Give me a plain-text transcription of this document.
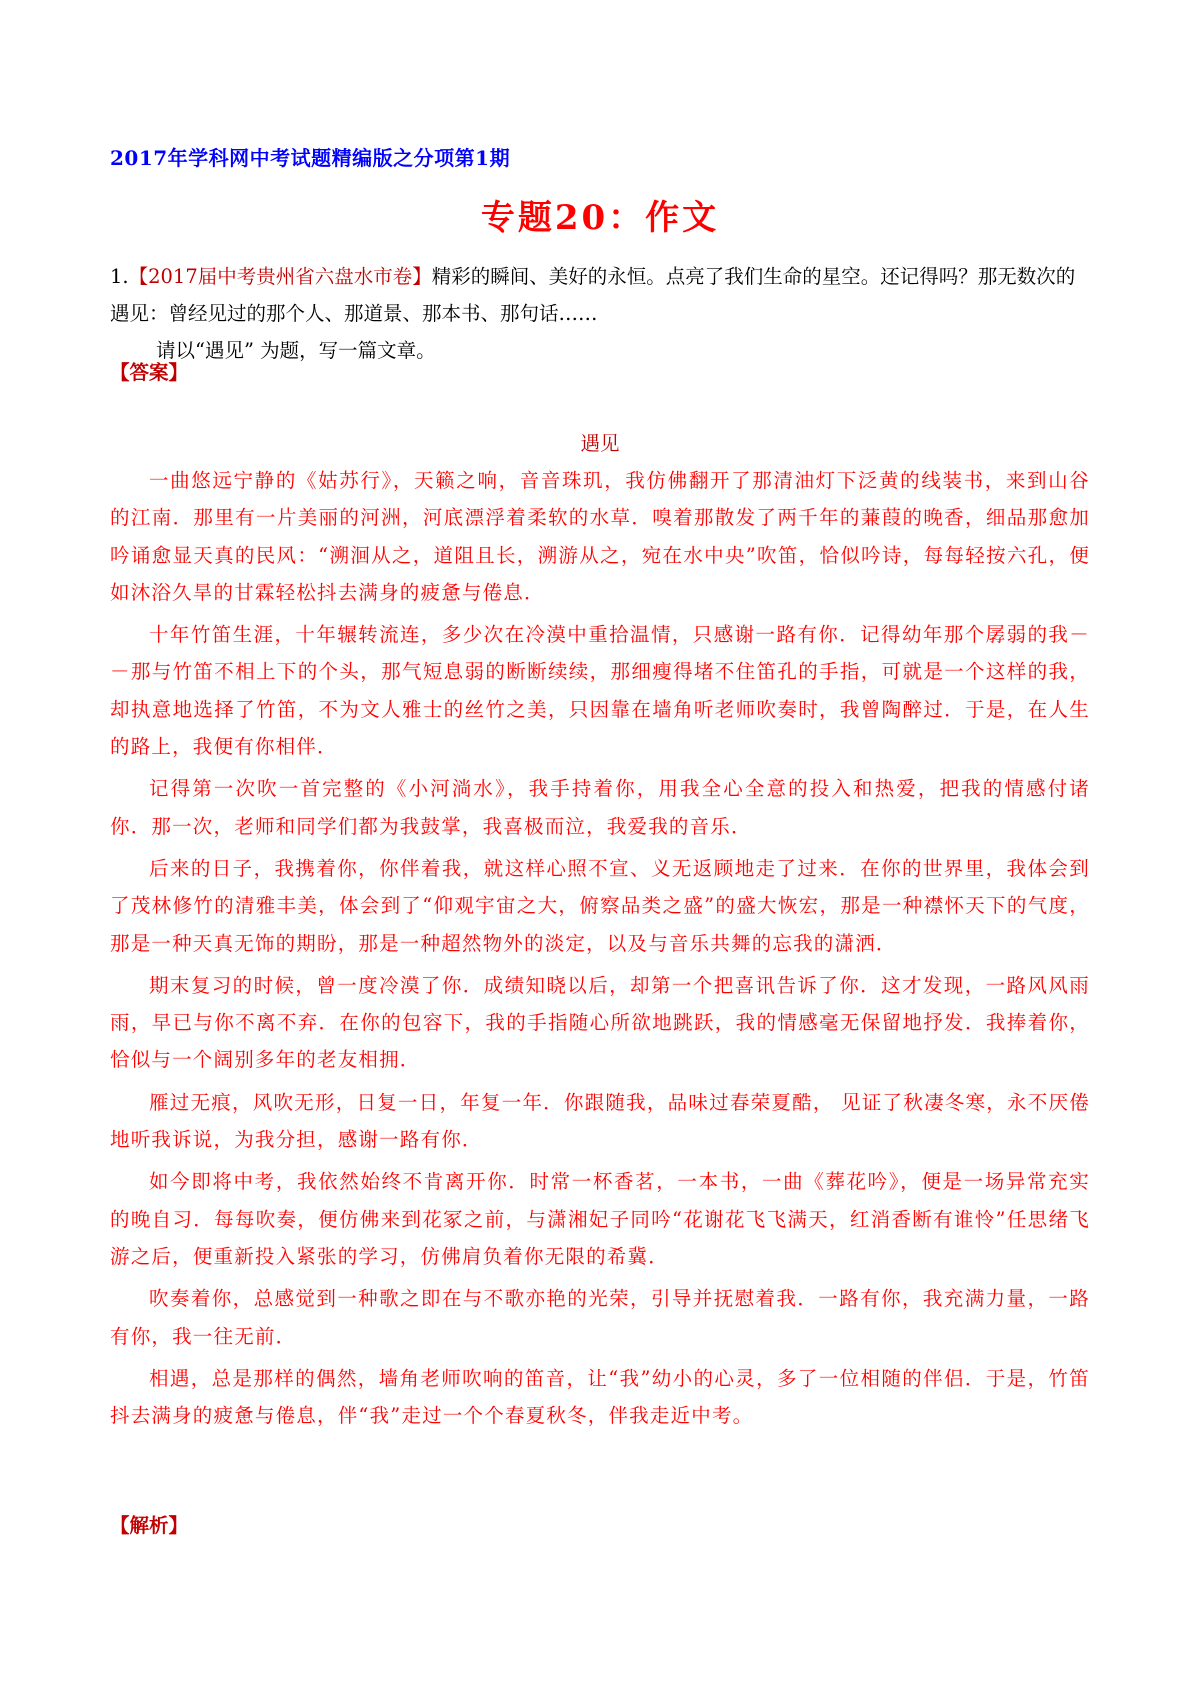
2017年学科网中考试题精编版之分项第1期
专题20：作文
1.【2017届中考贵州省六盘水市卷】精彩的瞬间、美好的永恒。点亮了我们生命的星空。还记得吗？那无数次的遇见：曾经见过的那个人、那道景、那本书、那句话……
请以“遇见” 为题，写一篇文章。
【答案】
遇见

一曲悠远宁静的《姑苏行》，天籁之响，音音珠玑，我仿佛翻开了那清油灯下泛黄的线装书，来到山谷的江南．那里有一片美丽的河洲，河底漂浮着柔软的水草．嗅着那散发了两千年的蒹葭的晚香，细品那愈加吟诵愈显天真的民风：“溯洄从之，道阻且长，溯游从之，宛在水中央”吹笛，恰似吟诗，每每轻按六孔，便如沐浴久旱的甘霖轻松抖去满身的疲惫与倦息．

十年竹笛生涯，十年辗转流连，多少次在冷漠中重拾温情，只感谢一路有你．记得幼年那个孱弱的我－－那与竹笛不相上下的个头，那气短息弱的断断续续，那细瘦得堵不住笛孔的手指，可就是一个这样的我，却执意地选择了竹笛，不为文人雅士的丝竹之美，只因靠在墙角听老师吹奏时，我曾陶醉过．于是，在人生的路上，我便有你相伴．

记得第一次吹一首完整的《小河淌水》，我手持着你，用我全心全意的投入和热爱，把我的情感付诸你．那一次，老师和同学们都为我鼓掌，我喜极而泣，我爱我的音乐．

后来的日子，我携着你，你伴着我，就这样心照不宣、义无返顾地走了过来．在你的世界里，我体会到了茂林修竹的清雅丰美，体会到了“仰观宇宙之大，俯察品类之盛”的盛大恢宏，那是一种襟怀天下的气度，那是一种天真无饰的期盼，那是一种超然物外的淡定，以及与音乐共舞的忘我的潇洒．

期末复习的时候，曾一度冷漠了你．成绩知晓以后，却第一个把喜讯告诉了你．这才发现，一路风风雨雨，早已与你不离不弃．在你的包容下，我的手指随心所欲地跳跃，我的情感毫无保留地抒发．我捧着你，恰似与一个阔别多年的老友相拥．

雁过无痕，风吹无形，日复一日，年复一年．你跟随我，品味过春荣夏酷， 见证了秋凄冬寒，永不厌倦地听我诉说，为我分担，感谢一路有你．

如今即将中考，我依然始终不肯离开你．时常一杯香茗，一本书，一曲《葬花吟》，便是一场异常充实的晚自习．每每吹奏，便仿佛来到花冢之前，与潇湘妃子同吟“花谢花飞飞满天，红消香断有谁怜”任思绪飞游之后，便重新投入紧张的学习，仿佛肩负着你无限的希冀．

吹奏着你，总感觉到一种歌之即在与不歌亦艳的光荣，引导并抚慰着我．一路有你，我充满力量，一路有你，我一往无前．

相遇，总是那样的偶然，墙角老师吹响的笛音，让“我”幼小的心灵，多了一位相随的伴侣．于是，竹笛抖去满身的疲惫与倦息，伴“我”走过一个个春夏秋冬，伴我走近中考。

【解析】
